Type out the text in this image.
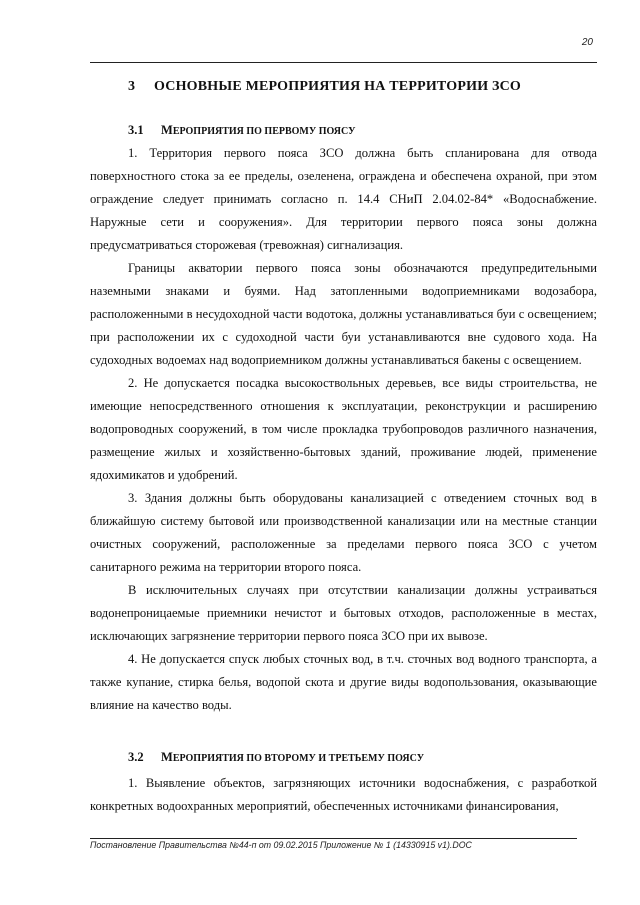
20
3 ОСНОВНЫЕ МЕРОПРИЯТИЯ НА ТЕРРИТОРИИ ЗСО
3.1 МЕРОПРИЯТИЯ ПО ПЕРВОМУ ПОЯСУ

1. Территория первого пояса ЗСО должна быть спланирована для отвода поверхностного стока за ее пределы, озеленена, ограждена и обеспечена охраной, при этом ограждение следует принимать согласно п. 14.4 СНиП 2.04.02-84* «Водоснабжение. Наружные сети и сооружения». Для территории первого пояса зоны должна предусматриваться сторожевая (тревожная) сигнализация.

Границы акватории первого пояса зоны обозначаются предупредительными наземными знаками и буями. Над затопленными водоприемниками водозабора, расположенными в несудоходной части водотока, должны устанавливаться буи с освещением; при расположении их с судоходной части буи устанавливаются вне судового хода. На судоходных водоемах над водоприемником должны устанавливаться бакены с освещением.

2. Не допускается посадка высокоствольных деревьев, все виды строительства, не имеющие непосредственного отношения к эксплуатации, реконструкции и расширению водопроводных сооружений, в том числе прокладка трубопроводов различного назначения, размещение жилых и хозяйственно-бытовых зданий, проживание людей, применение ядохимикатов и удобрений.

3. Здания должны быть оборудованы канализацией с отведением сточных вод в ближайшую систему бытовой или производственной канализации или на местные станции очистных сооружений, расположенные за пределами первого пояса ЗСО с учетом санитарного режима на территории второго пояса.

В исключительных случаях при отсутствии канализации должны устраиваться водонепроницаемые приемники нечистот и бытовых отходов, расположенные в местах, исключающих загрязнение территории первого пояса ЗСО при их вывозе.

4. Не допускается спуск любых сточных вод, в т.ч. сточных вод водного транспорта, а также купание, стирка белья, водопой скота и другие виды водопользования, оказывающие влияние на качество воды.

3.2 МЕРОПРИЯТИЯ ПО ВТОРОМУ И ТРЕТЬЕМУ ПОЯСУ

1. Выявление объектов, загрязняющих источники водоснабжения, с разработкой конкретных водоохранных мероприятий, обеспеченных источниками финансирования,

Постановление Правительства №44-п от 09.02.2015 Приложение № 1 (14330915 v1).DOC
